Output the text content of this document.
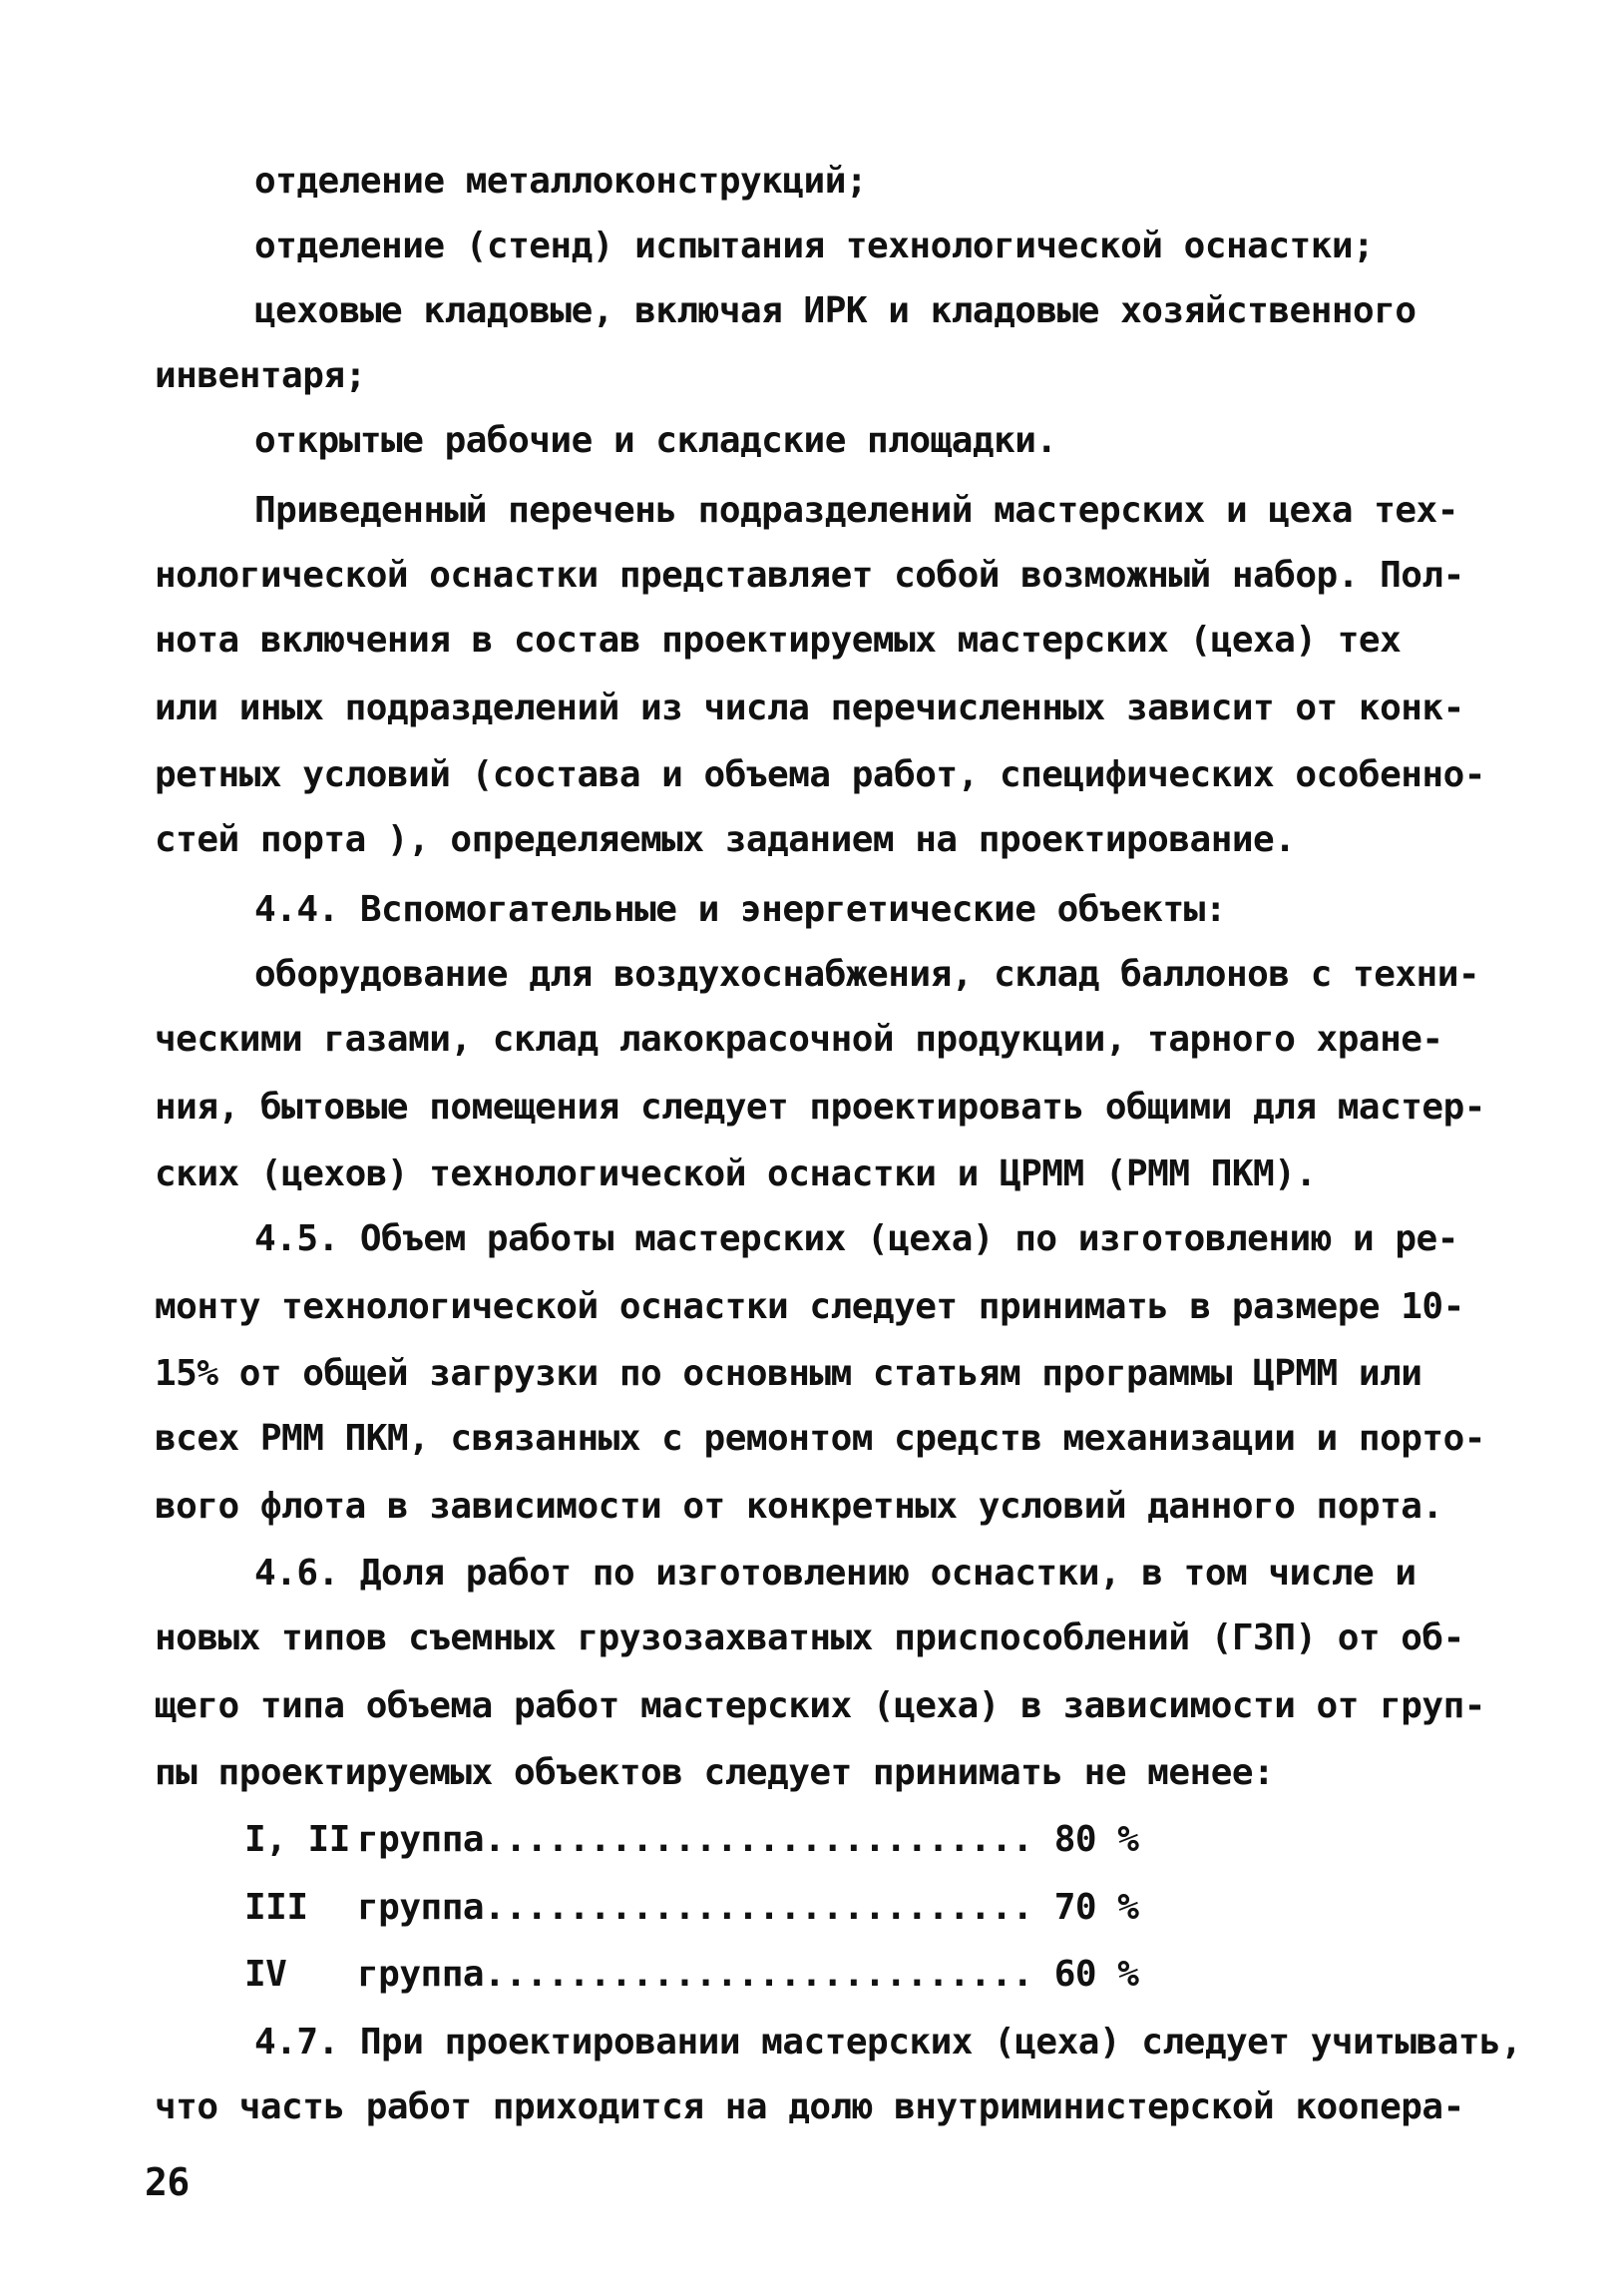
отделение металлоконструкций;
отделение (стенд) испытания технологической оснастки;
цеховые кладовые, включая ИРК и кладовые хозяйственного
инвентаря;
открытые рабочие и складские площадки.
Приведенный перечень подразделений мастерских и цеха тех-
нологической оснастки представляет собой возможный набор. Пол-
нота включения в состав проектируемых мастерских (цеха) тех
или иных подразделений из числа перечисленных зависит от конк-
ретных условий (состава и объема работ, специфических особенно-
стей порта ), определяемых заданием на проектирование.
4.4. Вспомогательные и энергетические объекты:
оборудование для воздухоснабжения, склад баллонов с техни-
ческими газами, склад лакокрасочной продукции, тарного хране-
ния, бытовые помещения следует проектировать общими для мастер-
ских (цехов) технологической оснастки и ЦРММ (РММ ПКМ).
4.5. Объем работы мастерских (цеха) по изготовлению и ре-
монту технологической оснастки следует принимать в размере 10-
15% от общей загрузки по основным статьям программы ЦРММ или
всех РММ ПКМ, связанных с ремонтом средств механизации и порто-
вого флота в зависимости от конкретных условий данного порта.
4.6. Доля работ по изготовлению оснастки, в том числе и
новых типов съемных грузозахватных приспособлений (ГЗП) от об-
щего типа объема работ мастерских (цеха) в зависимости от груп-
пы проектируемых объектов следует принимать не менее:
I, II группа.......................... 80 %
III группа.......................... 70 %
IV группа.......................... 60 %
4.7. При проектировании мастерских (цеха) следует учитывать,
что часть работ приходится на долю внутриминистерской коопера-
26
